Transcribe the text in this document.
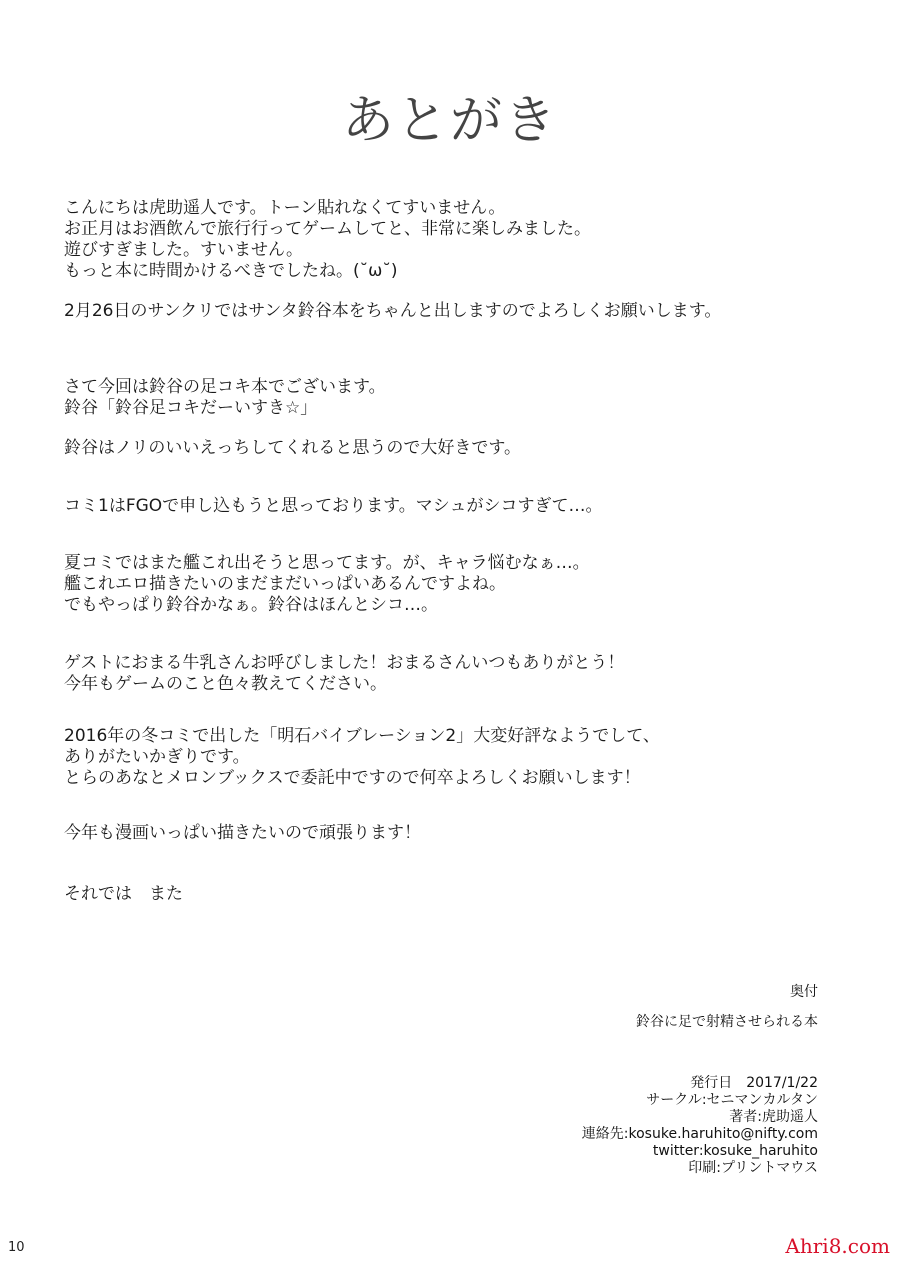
あとがき
こんにちは虎助遥人です。トーン貼れなくてすいません。
お正月はお酒飲んで旅行行ってゲームしてと、非常に楽しみました。
遊びすぎました。すいません。
もっと本に時間かけるべきでしたね。(˘ω˘)
2月26日のサンクリではサンタ鈴谷本をちゃんと出しますのでよろしくお願いします。
さて今回は鈴谷の足コキ本でございます。
鈴谷「鈴谷足コキだーいすき☆」
鈴谷はノリのいいえっちしてくれると思うので大好きです。
コミ1はFGOで申し込もうと思っております。マシュがシコすぎて…。
夏コミではまた艦これ出そうと思ってます。が、キャラ悩むなぁ…。
艦これエロ描きたいのまだまだいっぱいあるんですよね。
でもやっぱり鈴谷かなぁ。鈴谷はほんとシコ…。
ゲストにおまる牛乳さんお呼びしました！おまるさんいつもありがとう！
今年もゲームのこと色々教えてください。
2016年の冬コミで出した「明石バイブレーション2」大変好評なようでして、
ありがたいかぎりです。
とらのあなとメロンブックスで委託中ですので何卒よろしくお願いします！
今年も漫画いっぱい描きたいので頑張ります！
それでは　また
奥付
鈴谷に足で射精させられる本
発行日　2017/1/22
サークル:セニマンカルタン
著者:虎助遥人
連絡先:kosuke.haruhito@nifty.com
twitter:kosuke_haruhito
印刷:プリントマウス
10	Ahri8.com
